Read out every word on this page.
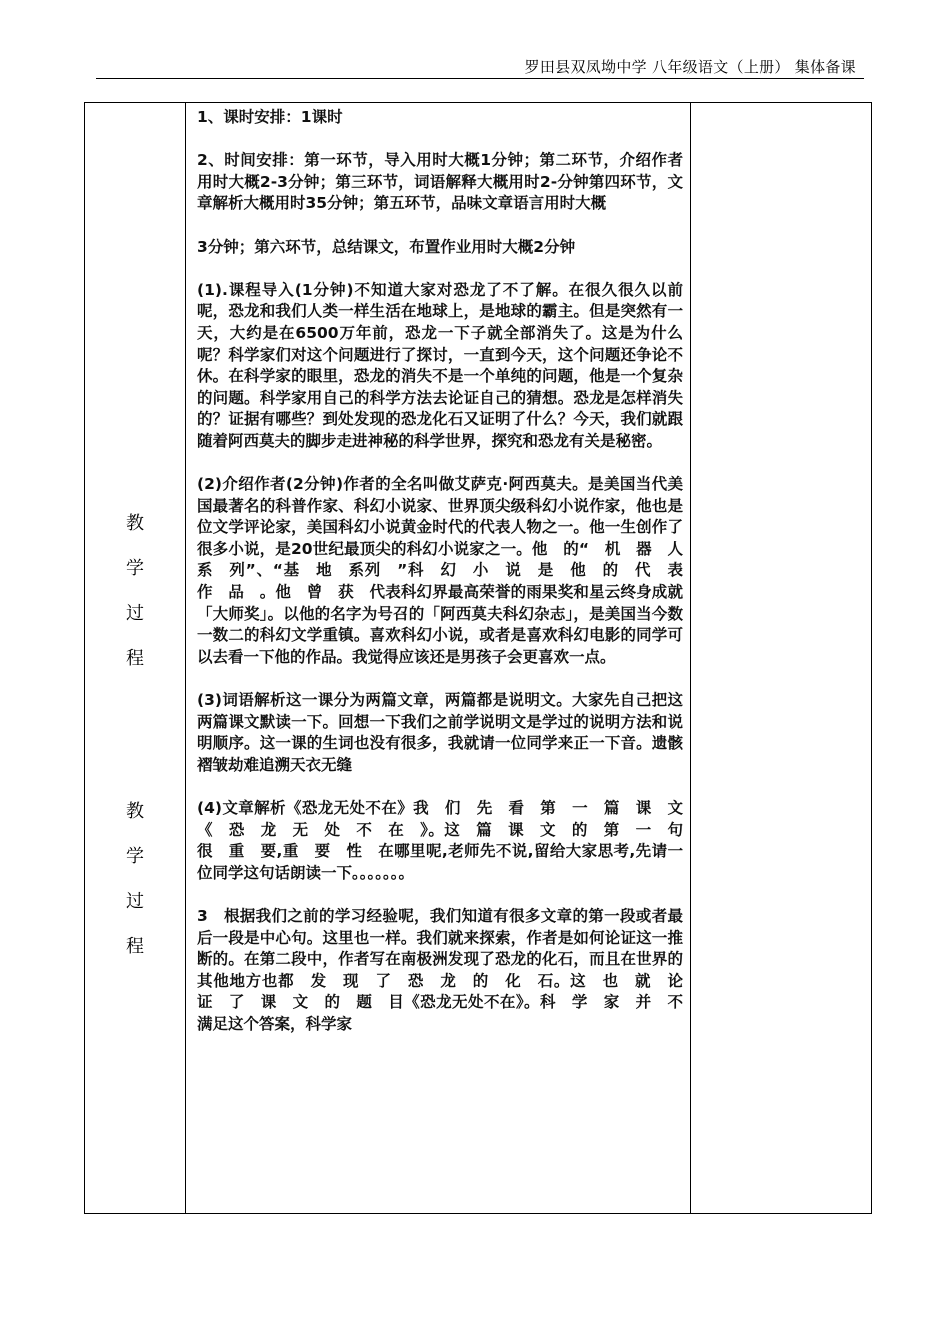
罗田县双凤坳中学 八年级语文（上册） 集体备课
教
学
过
程
教
学
过
程

1、课时安排：1课时

2、时间安排：第一环节，导入用时大概1分钟；第二环节，介绍作者用时大概2-3分钟；第三环节，词语解释大概用时2-分钟第四环节，文章解析大概用时35分钟；第五环节，品味文章语言用时大概

3分钟；第六环节，总结课文，布置作业用时大概2分钟

(1).课程导入(1分钟)不知道大家对恐龙了不了解。在很久很久以前呢，恐龙和我们人类一样生活在地球上，是地球的霸主。但是突然有一天，大约是在6500万年前，恐龙一下子就全部消失了。这是为什么呢？科学家们对这个问题进行了探讨，一直到今天，这个问题还争论不休。在科学家的眼里，恐龙的消失不是一个单纯的问题，他是一个复杂的问题。科学家用自己的科学方法去论证自己的猜想。恐龙是怎样消失的？证据有哪些？到处发现的恐龙化石又证明了什么？今天，我们就跟随着阿西莫夫的脚步走进神秘的科学世界，探究和恐龙有关是秘密。

(2)介绍作者(2分钟)作者的全名叫做艾萨克·阿西莫夫。是美国当代美国最著名的科普作家、科幻小说家、世界顶尖级科幻小说作家，他也是位文学评论家，美国科幻小说黄金时代的代表人物之一。他一生创作了很多小说，是20世纪最顶尖的科幻小说家之一。他　的“　机　器　人　系　列”、“基　地　系列　”科　幻　小　说　是　他　的　代　表　作　品　。他　曾　获　代表科幻界最高荣誉的雨果奖和星云终身成就「大师奖」。以他的名字为号召的「阿西莫夫科幻杂志」，是美国当今数一数二的科幻文学重镇。喜欢科幻小说，或者是喜欢科幻电影的同学可以去看一下他的作品。我觉得应该还是男孩子会更喜欢一点。

(3)词语解析这一课分为两篇文章，两篇都是说明文。大家先自己把这两篇课文默读一下。回想一下我们之前学说明文是学过的说明方法和说明顺序。这一课的生词也没有很多，我就请一位同学来正一下音。遗骸褶皱劫难追溯天衣无缝

(4)文章解析《恐龙无处不在》我　们　先　看　第　一　篇　课　文《　恐　龙　无　处　不　在　》。这　篇　课　文　的　第　一　句很　重　要,重　要　性　在哪里呢,老师先不说,留给大家思考,先请一位同学这句话朗读一下。。。。。。。

3　根据我们之前的学习经验呢，我们知道有很多文章的第一段或者最后一段是中心句。这里也一样。我们就来探索，作者是如何论证这一推断的。在第二段中，作者写在南极洲发现了恐龙的化石，而且在世界的其他地方也都　发　现　了　恐　龙　的　化　石。这　也　就　论　证　了　课　文　的　题　目《恐龙无处不在》。科　学　家　并　不　满足这个答案，科学家
